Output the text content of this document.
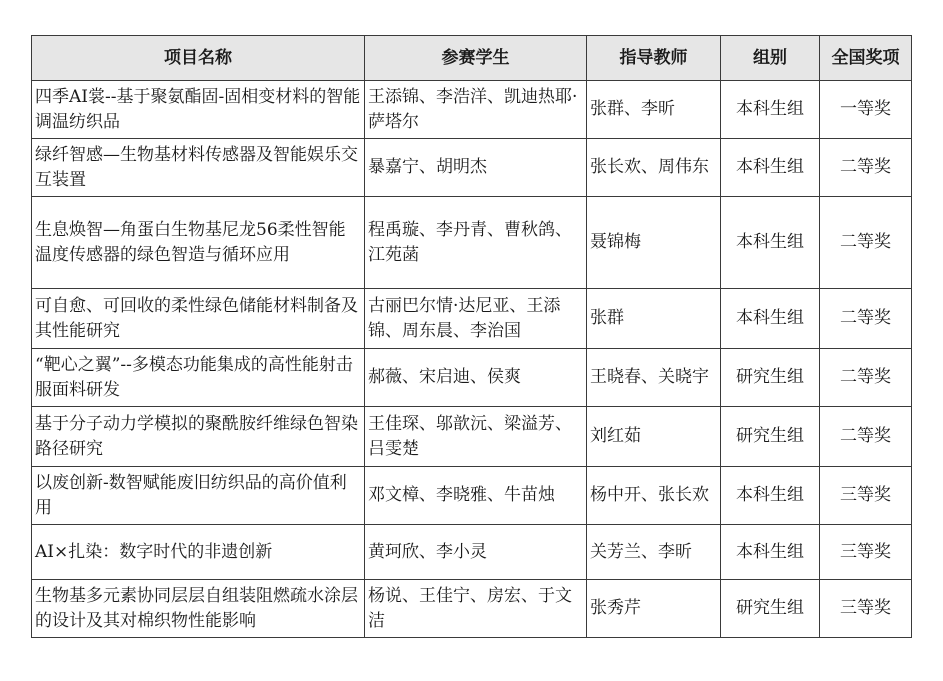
项目名称	参赛学生	指导教师	组别	全国奖项
四季AI裳--基于聚氨酯固-固相变材料的智能调温纺织品	王添锦、李浩洋、凯迪热耶·萨塔尔	张群、李昕	本科生组	一等奖
绿纤智感—生物基材料传感器及智能娱乐交互装置	暴嘉宁、胡明杰	张长欢、周伟东	本科生组	二等奖
生息焕智—角蛋白生物基尼龙56柔性智能温度传感器的绿色智造与循环应用	程禹璇、李丹青、曹秋鸽、江苑菡	聂锦梅	本科生组	二等奖
可自愈、可回收的柔性绿色储能材料制备及其性能研究	古丽巴尔情·达尼亚、王添锦、周东晨、李治国	张群	本科生组	二等奖
“靶心之翼”--多模态功能集成的高性能射击服面料研发	郝薇、宋启迪、侯爽	王晓春、关晓宇	研究生组	二等奖
基于分子动力学模拟的聚酰胺纤维绿色智染路径研究	王佳琛、邬歆沅、梁溢芳、吕雯楚	刘红茹	研究生组	二等奖
以废创新-数智赋能废旧纺织品的高价值利用	邓文樟、李晓雅、牛苗烛	杨中开、张长欢	本科生组	三等奖
AI×扎染：数字时代的非遗创新	黄珂欣、李小灵	关芳兰、李昕	本科生组	三等奖
生物基多元素协同层层自组装阻燃疏水涂层的设计及其对棉织物性能影响	杨说、王佳宁、房宏、于文洁	张秀芹	研究生组	三等奖
